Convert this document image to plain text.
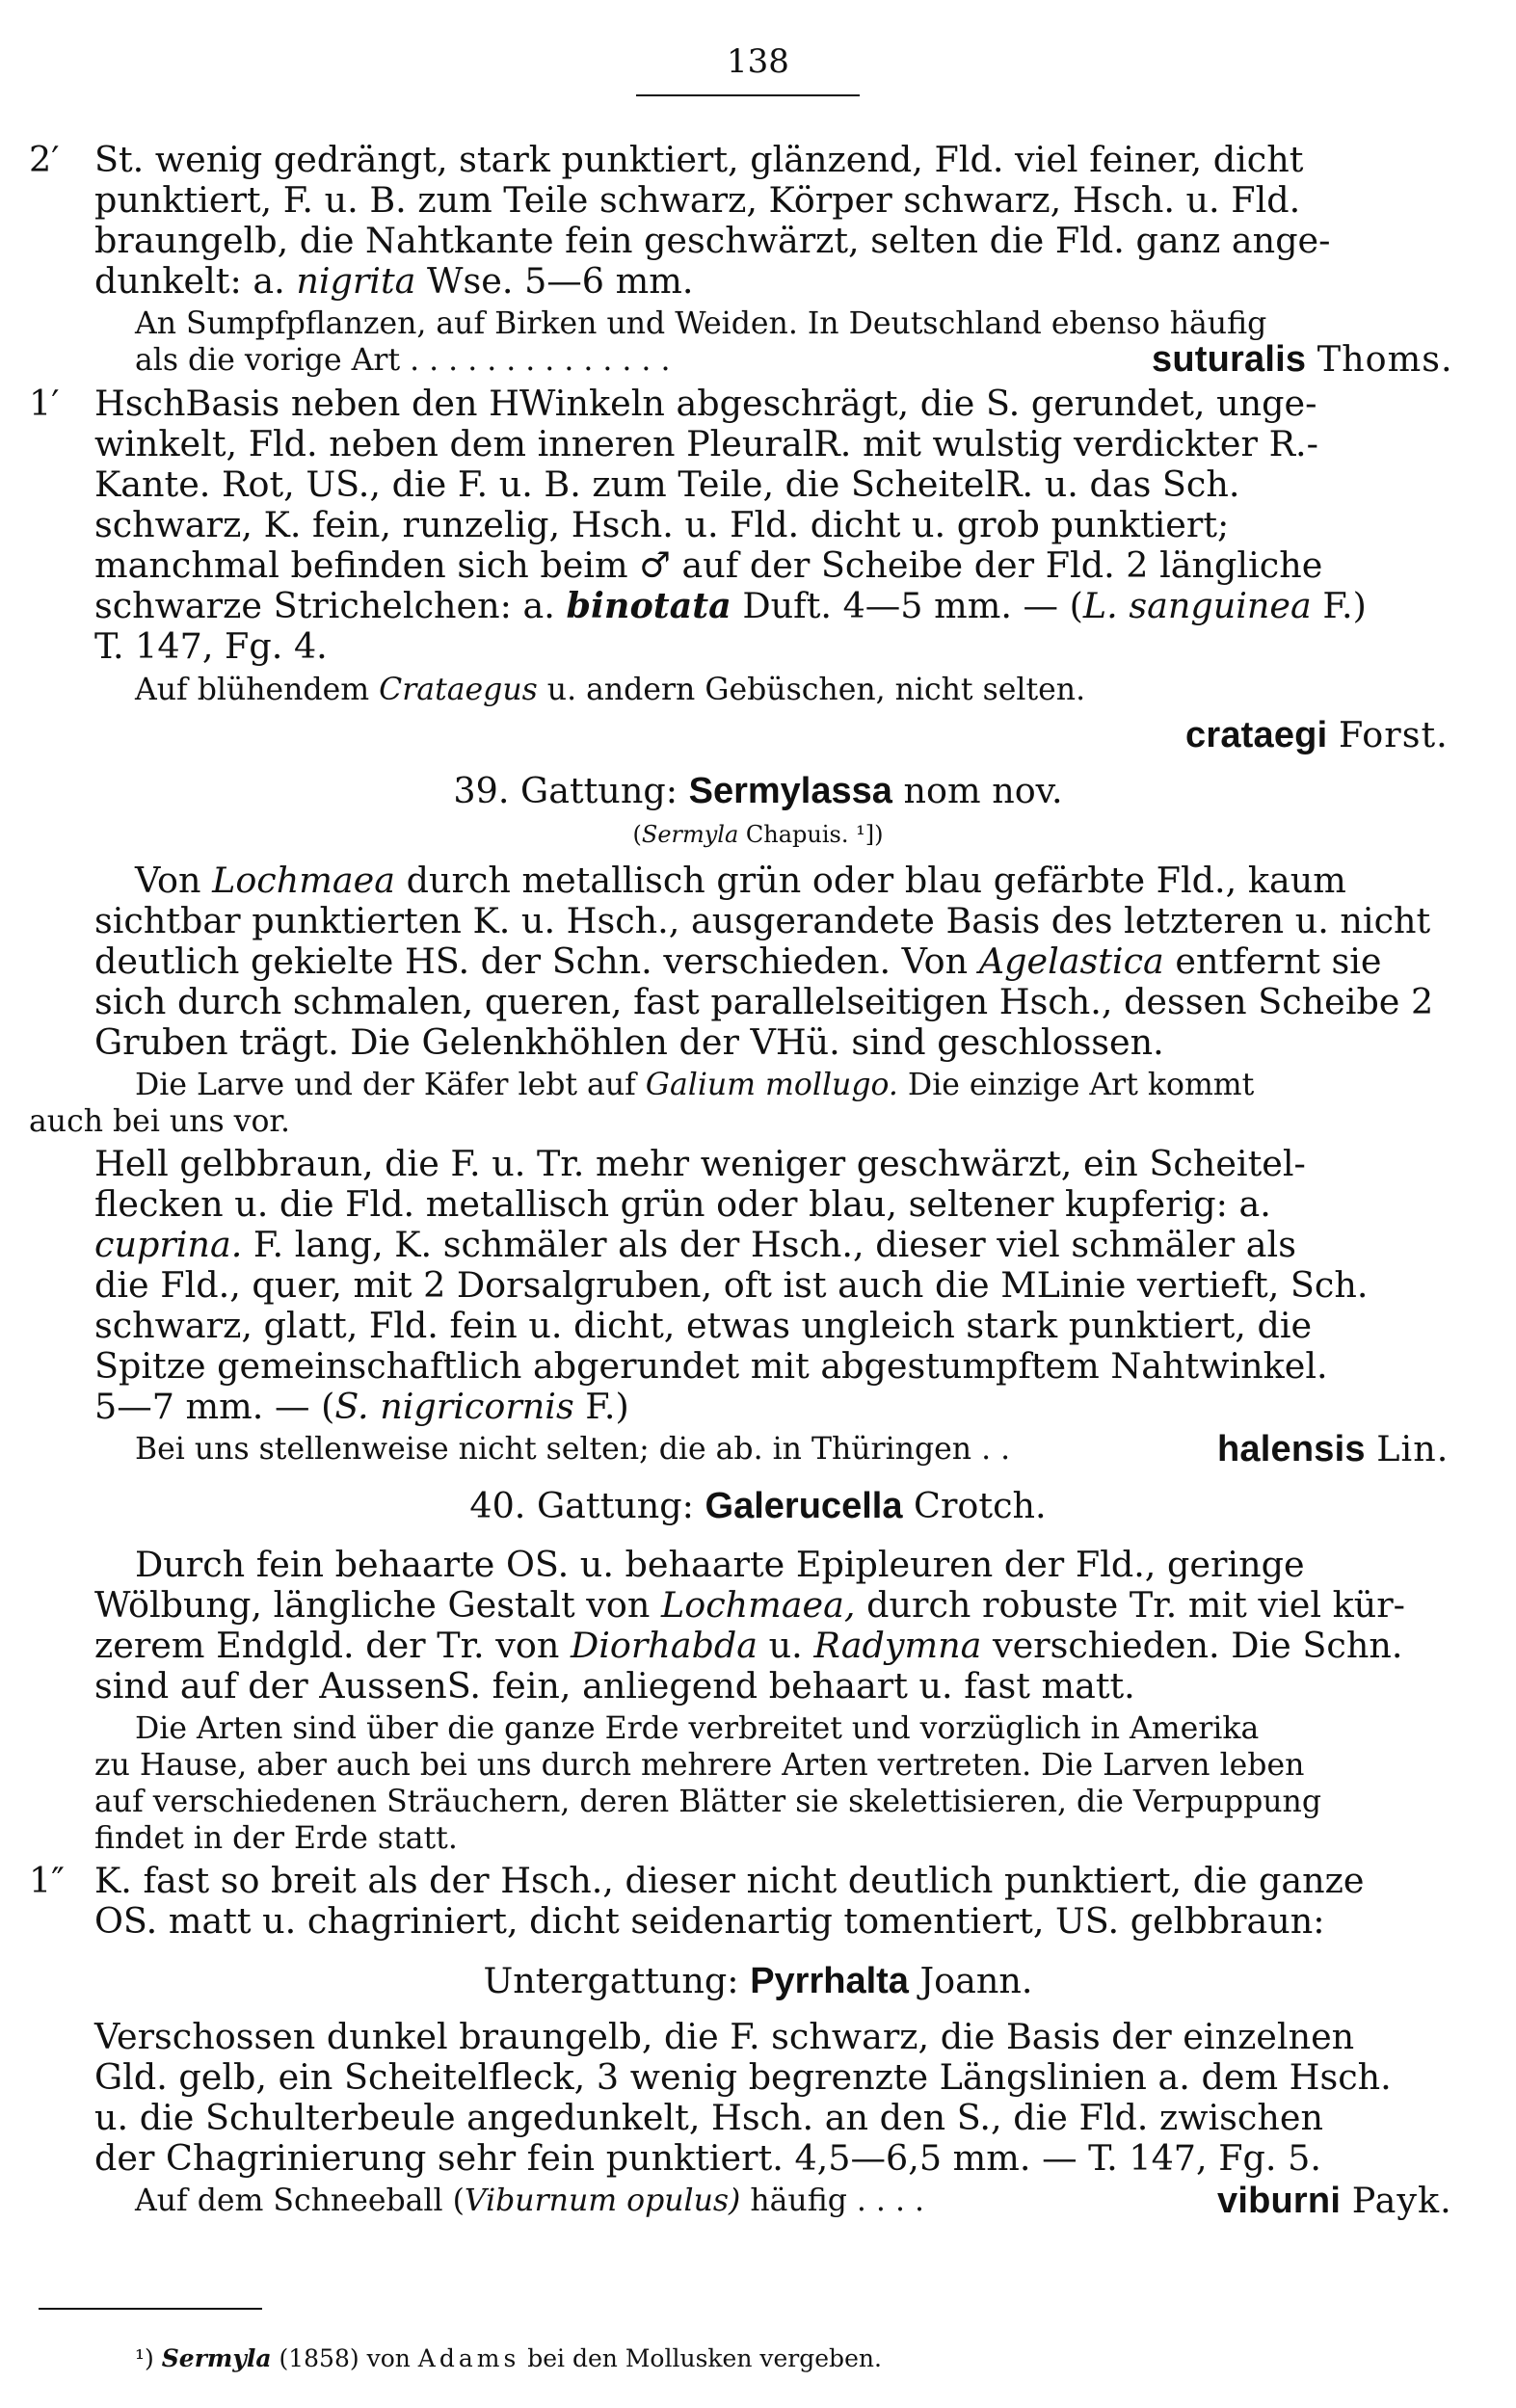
138
2′ St. wenig gedrängt, stark punktiert, glänzend, Fld. viel feiner, dicht
punktiert, F. u. B. zum Teile schwarz, Körper schwarz, Hsch. u. Fld.
braungelb, die Nahtkante fein geschwärzt, selten die Fld. ganz ange-
dunkelt: a. nigrita Wse. 5—6 mm.
An Sumpfpflanzen, auf Birken und Weiden. In Deutschland ebenso häufig
als die vorige Art . . . . . . . . . . . . . .	suturalis Thoms.
1′ HschBasis neben den HWinkeln abgeschrägt, die S. gerundet, unge-
winkelt, Fld. neben dem inneren PleuralR. mit wulstig verdickter R.-
Kante. Rot, US., die F. u. B. zum Teile, die ScheitelR. u. das Sch.
schwarz, K. fein, runzelig, Hsch. u. Fld. dicht u. grob punktiert;
manchmal befinden sich beim ♂ auf der Scheibe der Fld. 2 längliche
schwarze Strichelchen: a. binotata Duft. 4—5 mm. — (L. sanguinea F.)
T. 147, Fg. 4.
Auf blühendem Crataegus u. andern Gebüschen, nicht selten.
crataegi Forst.
39. Gattung: Sermylassa nom nov.
(Sermyla Chapuis. ¹])
Von Lochmaea durch metallisch grün oder blau gefärbte Fld., kaum
sichtbar punktierten K. u. Hsch., ausgerandete Basis des letzteren u. nicht
deutlich gekielte HS. der Schn. verschieden. Von Agelastica entfernt sie
sich durch schmalen, queren, fast parallelseitigen Hsch., dessen Scheibe 2
Gruben trägt. Die Gelenkhöhlen der VHü. sind geschlossen.
Die Larve und der Käfer lebt auf Galium mollugo. Die einzige Art kommt
auch bei uns vor.
Hell gelbbraun, die F. u. Tr. mehr weniger geschwärzt, ein Scheitel-
flecken u. die Fld. metallisch grün oder blau, seltener kupferig: a.
cuprina. F. lang, K. schmäler als der Hsch., dieser viel schmäler als
die Fld., quer, mit 2 Dorsalgruben, oft ist auch die MLinie vertieft, Sch.
schwarz, glatt, Fld. fein u. dicht, etwas ungleich stark punktiert, die
Spitze gemeinschaftlich abgerundet mit abgestumpftem Nahtwinkel.
5—7 mm. — (S. nigricornis F.)
Bei uns stellenweise nicht selten; die ab. in Thüringen . .	halensis Lin.
40. Gattung: Galerucella Crotch.
Durch fein behaarte OS. u. behaarte Epipleuren der Fld., geringe
Wölbung, längliche Gestalt von Lochmaea, durch robuste Tr. mit viel kür-
zerem Endgld. der Tr. von Diorhabda u. Radymna verschieden. Die Schn.
sind auf der AussenS. fein, anliegend behaart u. fast matt.
Die Arten sind über die ganze Erde verbreitet und vorzüglich in Amerika
zu Hause, aber auch bei uns durch mehrere Arten vertreten. Die Larven leben
auf verschiedenen Sträuchern, deren Blätter sie skelettisieren, die Verpuppung
findet in der Erde statt.
1″ K. fast so breit als der Hsch., dieser nicht deutlich punktiert, die ganze
OS. matt u. chagriniert, dicht seidenartig tomentiert, US. gelbbraun:
Untergattung: Pyrrhalta Joann.
Verschossen dunkel braungelb, die F. schwarz, die Basis der einzelnen
Gld. gelb, ein Scheitelfleck, 3 wenig begrenzte Längslinien a. dem Hsch.
u. die Schulterbeule angedunkelt, Hsch. an den S., die Fld. zwischen
der Chagrinierung sehr fein punktiert. 4,5—6,5 mm. — T. 147, Fg. 5.
Auf dem Schneeball (Viburnum opulus) häufig . . . .	viburni Payk.
¹) Sermyla (1858) von Adams bei den Mollusken vergeben.
